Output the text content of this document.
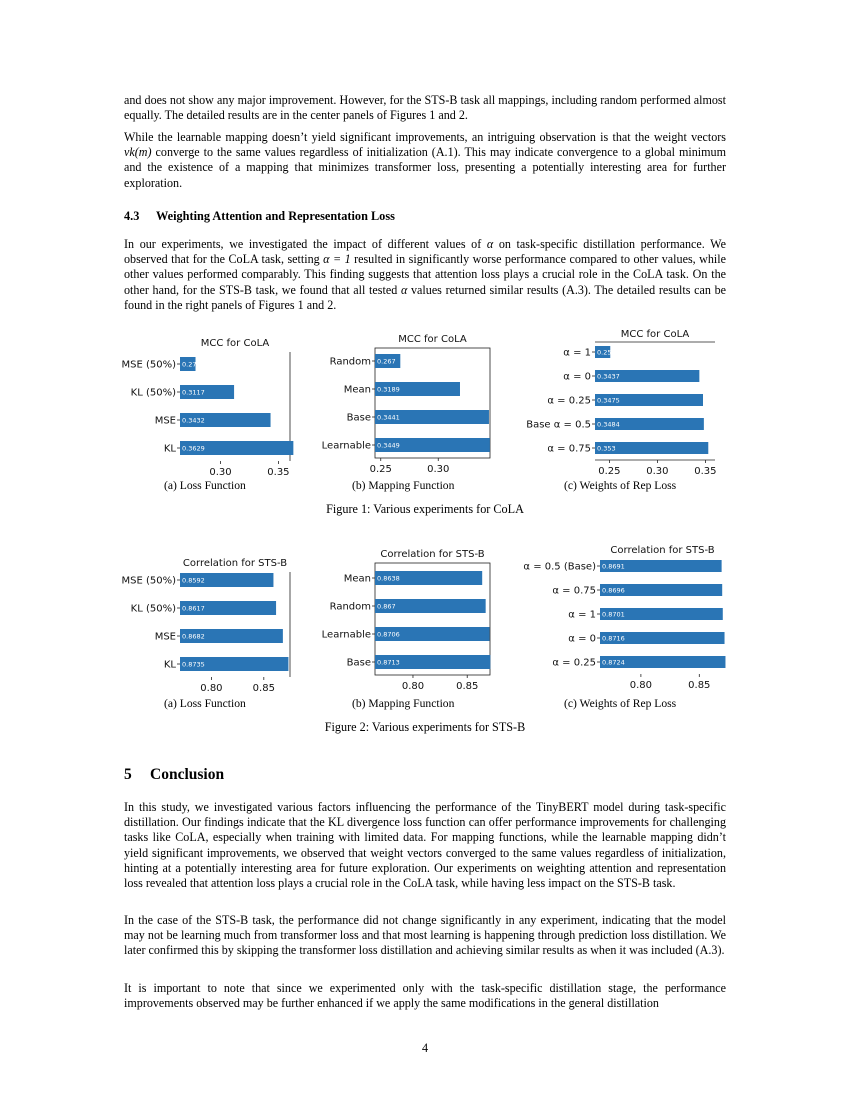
and does not show any major improvement. However, for the STS-B task all mappings, including random performed almost equally. The detailed results are in the center panels of Figures 1 and 2.

While the learnable mapping doesn’t yield significant improvements, an intriguing observation is that the weight vectors vk(m) converge to the same values regardless of initialization (A.1). This may indicate convergence to a global minimum and the existence of a mapping that minimizes transformer loss, presenting a potentially interesting area for further exploration.

4.3 Weighting Attention and Representation Loss

In our experiments, we investigated the impact of different values of α on task-specific distillation performance. We observed that for the CoLA task, setting α = 1 resulted in significantly worse performance compared to other values, while other values performed comparably. This finding suggests that attention loss plays a crucial role in the CoLA task. On the other hand, for the STS-B task, we found that all tested α values returned similar results (A.3). The detailed results can be found in the right panels of Figures 1 and 2.

MCC for CoLA
0.2784
MSE (50%)
0.3117
KL (50%)
0.3432
MSE
0.3629
KL
0.30	0.35
MCC for CoLA
0.267
Random
0.3189
Mean
0.3441
Base
0.3449
Learnable
0.25	0.30
MCC for CoLA
0.2509
α = 1
0.3437
α = 0
0.3475
α = 0.25
0.3484
Base α = 0.5
0.353
α = 0.75
0.25	0.30	0.35
(a) Loss Function	(b) Mapping Function	(c) Weights of Rep Loss
Figure 1: Various experiments for CoLA
Correlation for STS-B
0.8592
MSE (50%)
0.8617
KL (50%)
0.8682
MSE
0.8735
KL
0.80	0.85
Correlation for STS-B
0.8638
Mean
0.867
Random
0.8706
Learnable
0.8713
Base
0.80	0.85
Correlation for STS-B
0.8691
α = 0.5 (Base)
0.8696
α = 0.75
0.8701
α = 1
0.8716
α = 0
0.8724
α = 0.25
0.80	0.85
(a) Loss Function	(b) Mapping Function	(c) Weights of Rep Loss
Figure 2: Various experiments for STS-B
5 Conclusion

In this study, we investigated various factors influencing the performance of the TinyBERT model during task-specific distillation. Our findings indicate that the KL divergence loss function can offer performance improvements for challenging tasks like CoLA, especially when training with limited data. For mapping functions, while the learnable mapping didn’t yield significant improvements, we observed that weight vectors converged to the same values regardless of initialization, hinting at a potentially interesting area for future exploration. Our experiments on weighting attention and representation loss revealed that attention loss plays a crucial role in the CoLA task, while having less impact on the STS-B task.

In the case of the STS-B task, the performance did not change significantly in any experiment, indicating that the model may not be learning much from transformer loss and that most learning is happening through prediction loss distillation. We later confirmed this by skipping the transformer loss distillation and achieving similar results as when it was included (A.3).

It is important to note that since we experimented only with the task-specific distillation stage, the performance improvements observed may be further enhanced if we apply the same modifications in the general distillation

4
